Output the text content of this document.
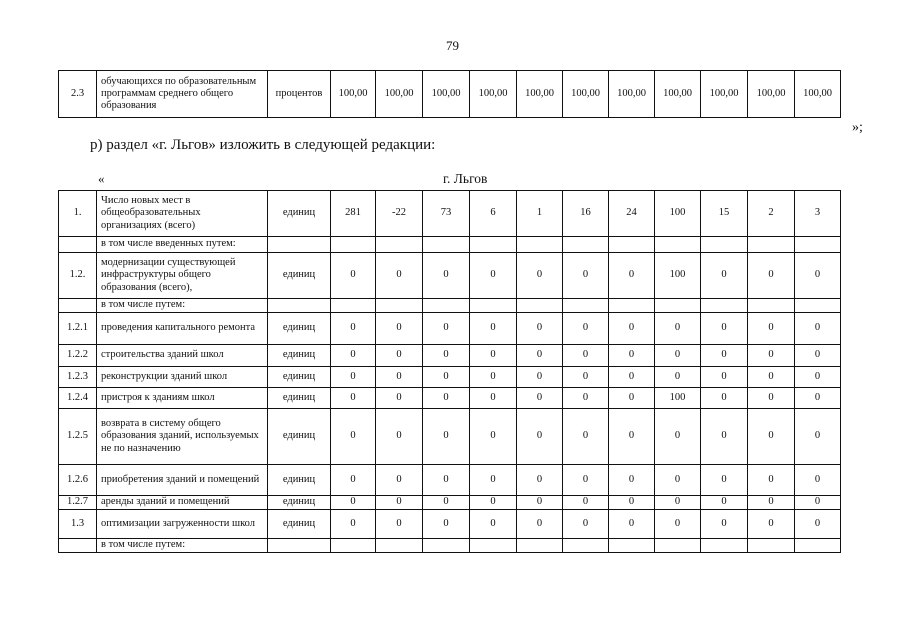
79
2.3	обучающихся по образовательным программам среднего общего образования	процентов	100,00	100,00	100,00	100,00	100,00	100,00	100,00	100,00	100,00	100,00	100,00
»;
р) раздел «г. Льгов» изложить в следующей редакции:
«	г. Льгов
1.	Число новых мест в общеобразовательных организациях (всего)	единиц	281	-22	73	6	1	16	24	100	15	2	3
	в том числе введенных путем:												
1.2.	модернизации существующей инфраструктуры общего образования (всего),	единиц	0	0	0	0	0	0	0	100	0	0	0
	в том числе путем:												
1.2.1	проведения капитального ремонта	единиц	0	0	0	0	0	0	0	0	0	0	0
1.2.2	строительства зданий школ	единиц	0	0	0	0	0	0	0	0	0	0	0
1.2.3	реконструкции зданий школ	единиц	0	0	0	0	0	0	0	0	0	0	0
1.2.4	пристроя к зданиям школ	единиц	0	0	0	0	0	0	0	100	0	0	0
1.2.5	возврата в систему общего образования зданий, используемых не по назначению	единиц	0	0	0	0	0	0	0	0	0	0	0
1.2.6	приобретения зданий и помещений	единиц	0	0	0	0	0	0	0	0	0	0	0
1.2.7	аренды зданий и помещений	единиц	0	0	0	0	0	0	0	0	0	0	0
1.3	оптимизации загруженности школ	единиц	0	0	0	0	0	0	0	0	0	0	0
	в том числе путем:												
